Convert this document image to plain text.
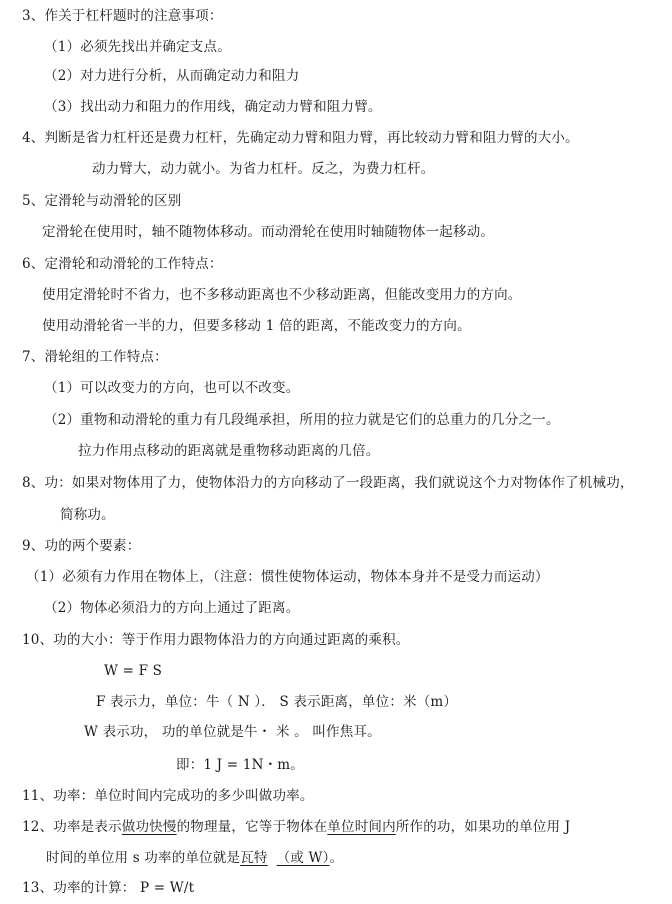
3、作关于杠杆题时的注意事项：
（1）必须先找出并确定支点。
（2）对力进行分析，从而确定动力和阻力
（3）找出动力和阻力的作用线，确定动力臂和阻力臂。
4、判断是省力杠杆还是费力杠杆，先确定动力臂和阻力臂，再比较动力臂和阻力臂的大小。
动力臂大，动力就小。为省力杠杆。反之，为费力杠杆。
5、定滑轮与动滑轮的区别
定滑轮在使用时，轴不随物体移动。而动滑轮在使用时轴随物体一起移动。
6、定滑轮和动滑轮的工作特点：
使用定滑轮时不省力，也不多移动距离也不少移动距离，但能改变用力的方向。
使用动滑轮省一半的力，但要多移动 1 倍的距离，不能改变力的方向。
7、滑轮组的工作特点：
（1）可以改变力的方向，也可以不改变。
（2）重物和动滑轮的重力有几段绳承担，所用的拉力就是它们的总重力的几分之一。
拉力作用点移动的距离就是重物移动距离的几倍。
8、功：如果对物体用了力，使物体沿力的方向移动了一段距离，我们就说这个力对物体作了机械功，
简称功。
9、功的两个要素：
（1）必须有力作用在物体上，（注意：惯性使物体运动，物体本身并不是受力而运动）
（2）物体必须沿力的方向上通过了距离。
10、功的大小：等于作用力跟物体沿力的方向通过距离的乘积。
W = F S
F 表示力，单位：牛（ N ）． S 表示距离，单位：米（m）
W 表示功， 功的单位就是牛・ 米 。 叫作焦耳。
即：1 J = 1N・m。
11、功率：单位时间内完成功的多少叫做功率。
12、功率是表示做功快慢的物理量，它等于物体在单位时间内所作的功，如果功的单位用 J
时间的单位用 s 功率的单位就是瓦特 （或 W）。
13、功率的计算： P = W/t
